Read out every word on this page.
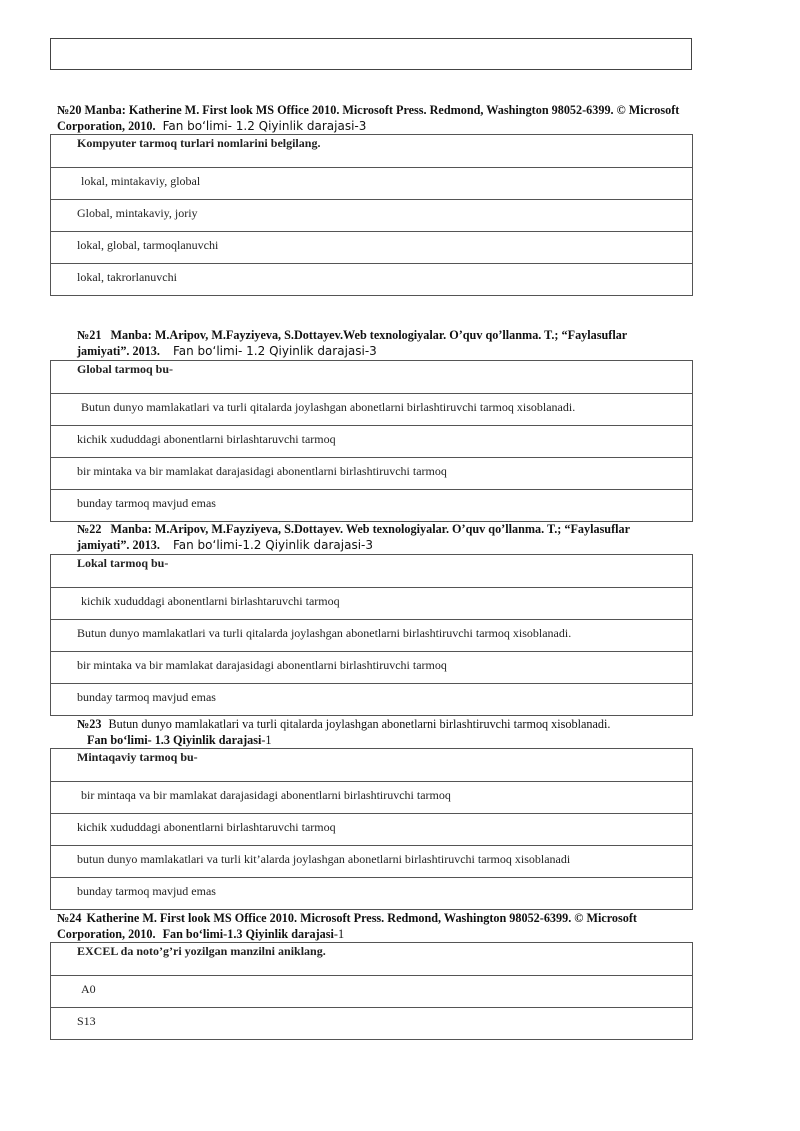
№20 Manba: Katherine M. First look MS Office 2010. Microsoft Press. Redmond, Washington 98052-6399. © Microsoft
Corporation, 2010. Fan boʻlimi- 1.2 Qiyinlik darajasi-3
Kompyuter tarmoq turlari nomlarini belgilang.
lokal, mintakaviy, global
Global, mintakaviy, joriy
lokal, global, tarmoqlanuvchi
lokal, takrorlanuvchi
№21 Manba: M.Aripov, M.Fayziyeva, S.Dottayev.Web texnologiyalar. O’quv qo’llanma. T.; “Faylasuflar
jamiyati”. 2013. Fan boʻlimi- 1.2 Qiyinlik darajasi-3
Global tarmoq bu-
Butun dunyo mamlakatlari va turli qitalarda joylashgan abonetlarni birlashtiruvchi tarmoq xisoblanadi.
kichik xududdagi abonentlarni birlashtaruvchi tarmoq
bir mintaka va bir mamlakat darajasidagi abonentlarni birlashtiruvchi tarmoq
bunday tarmoq mavjud emas
№22 Manba: M.Aripov, M.Fayziyeva, S.Dottayev. Web texnologiyalar. O’quv qo’llanma. T.; “Faylasuflar
jamiyati”. 2013. Fan boʻlimi-1.2 Qiyinlik darajasi-3
Lokal tarmoq bu-
kichik xududdagi abonentlarni birlashtaruvchi tarmoq
Butun dunyo mamlakatlari va turli qitalarda joylashgan abonetlarni birlashtiruvchi tarmoq xisoblanadi.
bir mintaka va bir mamlakat darajasidagi abonentlarni birlashtiruvchi tarmoq
bunday tarmoq mavjud emas
№23 Butun dunyo mamlakatlari va turli qitalarda joylashgan abonetlarni birlashtiruvchi tarmoq xisoblanadi.
Fan bo‘limi- 1.3 Qiyinlik darajasi-1
Mintaqaviy tarmoq bu-
bir mintaqa va bir mamlakat darajasidagi abonentlarni birlashtiruvchi tarmoq
kichik xududdagi abonentlarni birlashtaruvchi tarmoq
butun dunyo mamlakatlari va turli kit’alarda joylashgan abonetlarni birlashtiruvchi tarmoq xisoblanadi
bunday tarmoq mavjud emas
№24 Katherine M. First look MS Office 2010. Microsoft Press. Redmond, Washington 98052-6399. © Microsoft
Corporation, 2010. Fan bo‘limi-1.3 Qiyinlik darajasi-1
EXCEL da noto’g’ri yozilgan manzilni aniklang.
A0
S13
